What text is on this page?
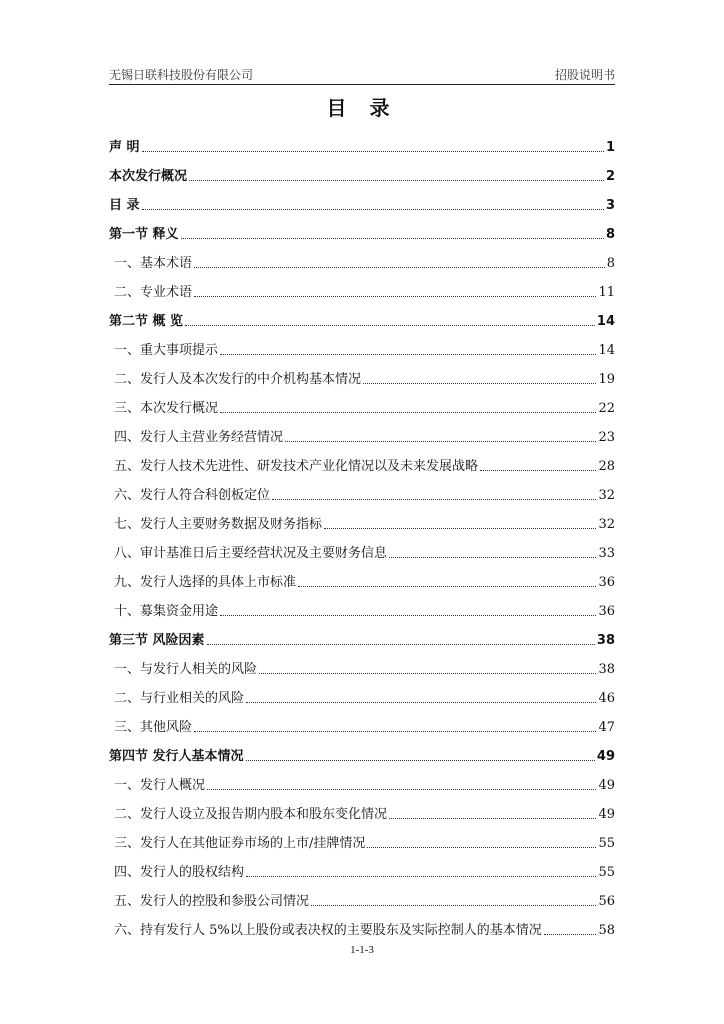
无锡日联科技股份有限公司	招股说明书
目 录
声 明	1
本次发行概况	2
目 录	3
第一节 释义	8
一、基本术语	8
二、专业术语	11
第二节 概 览	14
一、重大事项提示	14
二、发行人及本次发行的中介机构基本情况	19
三、本次发行概况	22
四、发行人主营业务经营情况	23
五、发行人技术先进性、研发技术产业化情况以及未来发展战略	28
六、发行人符合科创板定位	32
七、发行人主要财务数据及财务指标	32
八、审计基准日后主要经营状况及主要财务信息	33
九、发行人选择的具体上市标准	36
十、募集资金用途	36
第三节 风险因素	38
一、与发行人相关的风险	38
二、与行业相关的风险	46
三、其他风险	47
第四节 发行人基本情况	49
一、发行人概况	49
二、发行人设立及报告期内股本和股东变化情况	49
三、发行人在其他证券市场的上市/挂牌情况	55
四、发行人的股权结构	55
五、发行人的控股和参股公司情况	56
六、持有发行人 5%以上股份或表决权的主要股东及实际控制人的基本情况	58
1-1-3
